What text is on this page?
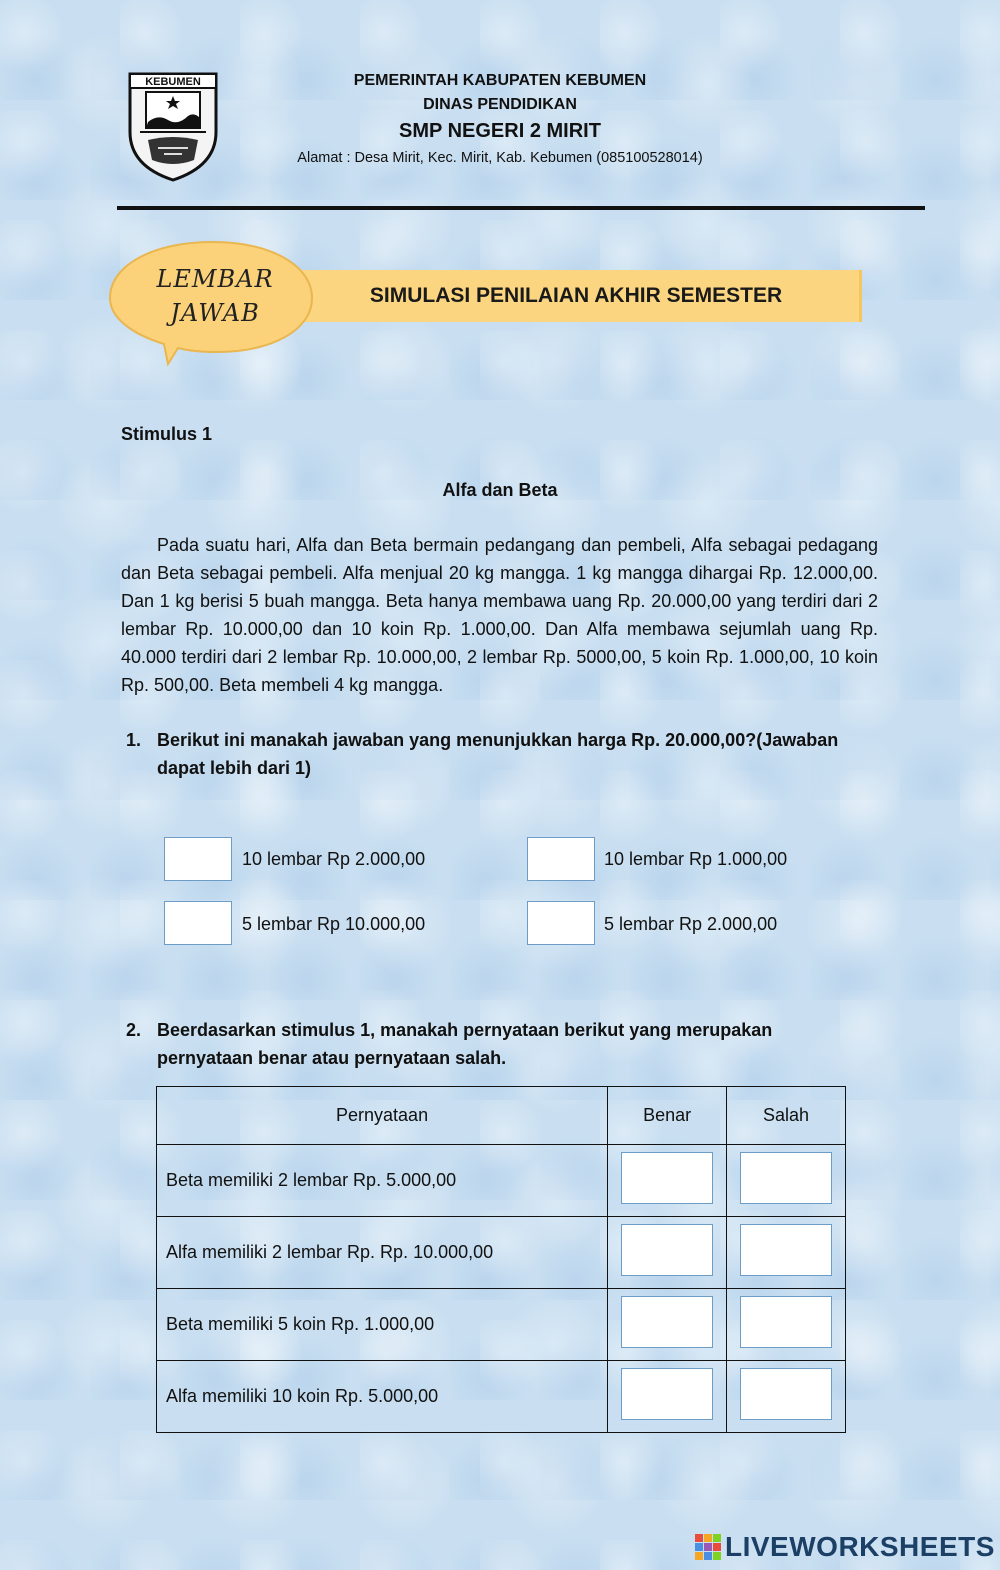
KEBUMEN	PEMERINTAH KABUPATEN KEBUMEN
DINAS PENDIDIKAN
SMP NEGERI 2 MIRIT
Alamat : Desa Mirit, Kec. Mirit, Kab. Kebumen (085100528014)
SIMULASI PENILAIAN AKHIR SEMESTER
LEMBAR
JAWAB
Stimulus 1
Alfa dan Beta
Pada suatu hari, Alfa dan Beta bermain pedangang dan pembeli, Alfa sebagai pedagang dan Beta sebagai pembeli. Alfa menjual 20 kg mangga. 1 kg mangga dihargai Rp. 12.000,00. Dan 1 kg berisi 5 buah mangga. Beta hanya membawa uang Rp. 20.000,00 yang terdiri dari 2 lembar Rp. 10.000,00 dan 10 koin Rp. 1.000,00. Dan Alfa membawa sejumlah uang Rp. 40.000 terdiri dari 2 lembar Rp. 10.000,00, 2 lembar Rp. 5000,00, 5 koin Rp. 1.000,00, 10 koin Rp. 500,00. Beta membeli 4 kg mangga.
1. Berikut ini manakah jawaban yang menunjukkan harga Rp. 20.000,00?(Jawaban dapat lebih dari 1)
10 lembar Rp 2.000,00	10 lembar Rp 1.000,00
5 lembar Rp 10.000,00	5 lembar Rp 2.000,00
2. Beerdasarkan stimulus 1, manakah pernyataan berikut yang merupakan pernyataan benar atau pernyataan salah.
Pernyataan	Benar	Salah
Beta memiliki 2 lembar Rp. 5.000,00		
Alfa memiliki 2 lembar Rp. Rp. 10.000,00		
Beta memiliki 5 koin Rp. 1.000,00		
Alfa memiliki 10 koin Rp. 5.000,00		
LIVEWORKSHEETS
